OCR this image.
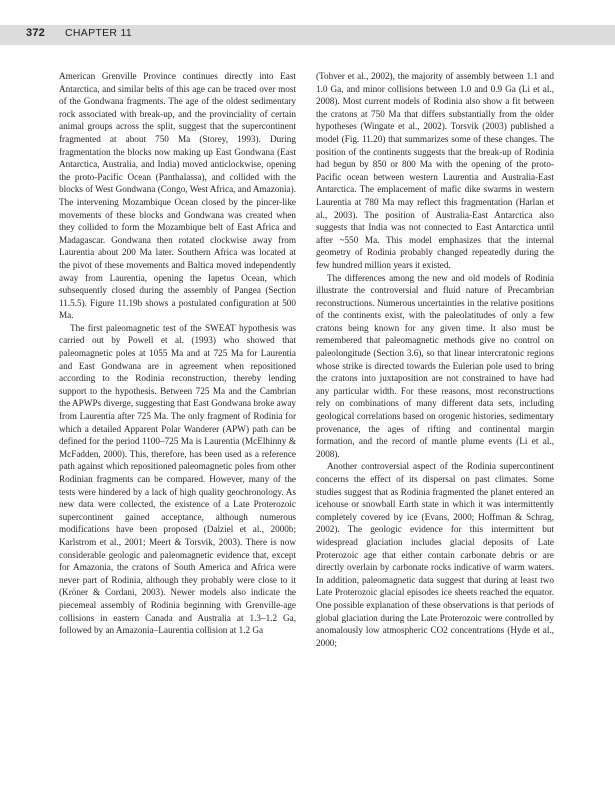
372 CHAPTER 11

American Grenville Province continues directly into East Antarctica, and similar belts of this age can be traced over most of the Gondwana fragments. The age of the oldest sedimentary rock associated with break-up, and the provinciality of certain animal groups across the split, suggest that the supercontinent fragmented at about 750 Ma (Storey, 1993). During fragmentation the blocks now making up East Gondwana (East Antarctica, Australia, and India) moved anticlockwise, opening the proto-Pacific Ocean (Panthalassa), and collided with the blocks of West Gondwana (Congo, West Africa, and Amazonia). The intervening Mozambique Ocean closed by the pincer-like movements of these blocks and Gondwana was created when they collided to form the Mozambique belt of East Africa and Madagascar. Gondwana then rotated clockwise away from Laurentia about 200 Ma later. Southern Africa was located at the pivot of these movements and Baltica moved independently away from Laurentia, opening the Iapetus Ocean, which subsequently closed during the assembly of Pangea (Section 11.5.5). Figure 11.19b shows a postulated configuration at 500 Ma.

The first paleomagnetic test of the SWEAT hypothesis was carried out by Powell et al. (1993) who showed that paleomagnetic poles at 1055 Ma and at 725 Ma for Laurentia and East Gondwana are in agreement when repositioned according to the Rodinia reconstruction, thereby lending support to the hypothesis. Between 725 Ma and the Cambrian the APWPs diverge, suggesting that East Gondwana broke away from Laurentia after 725 Ma. The only fragment of Rodinia for which a detailed Apparent Polar Wanderer (APW) path can be defined for the period 1100–725 Ma is Laurentia (McElhinny & McFadden, 2000). This, therefore, has been used as a reference path against which repositioned paleomagnetic poles from other Rodinian fragments can be compared. However, many of the tests were hindered by a lack of high quality geochronology. As new data were collected, the existence of a Late Proterozoic supercontinent gained acceptance, although numerous modifications have been proposed (Dalziel et al., 2000b; Karlstrom et al., 2001; Meert & Torsvik, 2003). There is now considerable geologic and paleomagnetic evidence that, except for Amazonia, the cratons of South America and Africa were never part of Rodinia, although they probably were close to it (Kröner & Cordani, 2003). Newer models also indicate the piecemeal assembly of Rodinia beginning with Grenville-age collisions in eastern Canada and Australia at 1.3–1.2 Ga, followed by an Amazonia–Laurentia collision at 1.2 Ga

(Tohver et al., 2002), the majority of assembly between 1.1 and 1.0 Ga, and minor collisions between 1.0 and 0.9 Ga (Li et al., 2008). Most current models of Rodinia also show a fit between the cratons at 750 Ma that differs substantially from the older hypotheses (Wingate et al., 2002). Torsvik (2003) published a model (Fig. 11.20) that summarizes some of these changes. The position of the continents suggests that the break-up of Rodinia had begun by 850 or 800 Ma with the opening of the proto-Pacific ocean between western Laurentia and Australia-East Antarctica. The emplacement of mafic dike swarms in western Laurentia at 780 Ma may reflect this fragmentation (Harlan et al., 2003). The position of Australia-East Antarctica also suggests that India was not connected to East Antarctica until after ~550 Ma. This model emphasizes that the internal geometry of Rodinia probably changed repeatedly during the few hundred million years it existed.

The differences among the new and old models of Rodinia illustrate the controversial and fluid nature of Precambrian reconstructions. Numerous uncertainties in the relative positions of the continents exist, with the paleolatitudes of only a few cratons being known for any given time. It also must be remembered that paleomagnetic methods give no control on paleolongitude (Section 3.6), so that linear intercratonic regions whose strike is directed towards the Eulerian pole used to bring the cratons into juxtaposition are not constrained to have had any particular width. For these reasons, most reconstructions rely on combinations of many different data sets, including geological correlations based on orogenic histories, sedimentary provenance, the ages of rifting and continental margin formation, and the record of mantle plume events (Li et al., 2008).

Another controversial aspect of the Rodinia supercontinent concerns the effect of its dispersal on past climates. Some studies suggest that as Rodinia fragmented the planet entered an icehouse or snowball Earth state in which it was intermittently completely covered by ice (Evans, 2000; Hoffman & Schrag, 2002). The geologic evidence for this intermittent but widespread glaciation includes glacial deposits of Late Proterozoic age that either contain carbonate debris or are directly overlain by carbonate rocks indicative of warm waters. In addition, paleomagnetic data suggest that during at least two Late Proterozoic glacial episodes ice sheets reached the equator. One possible explanation of these observations is that periods of global glaciation during the Late Proterozoic were controlled by anomalously low atmospheric CO2 concentrations (Hyde et al., 2000;
